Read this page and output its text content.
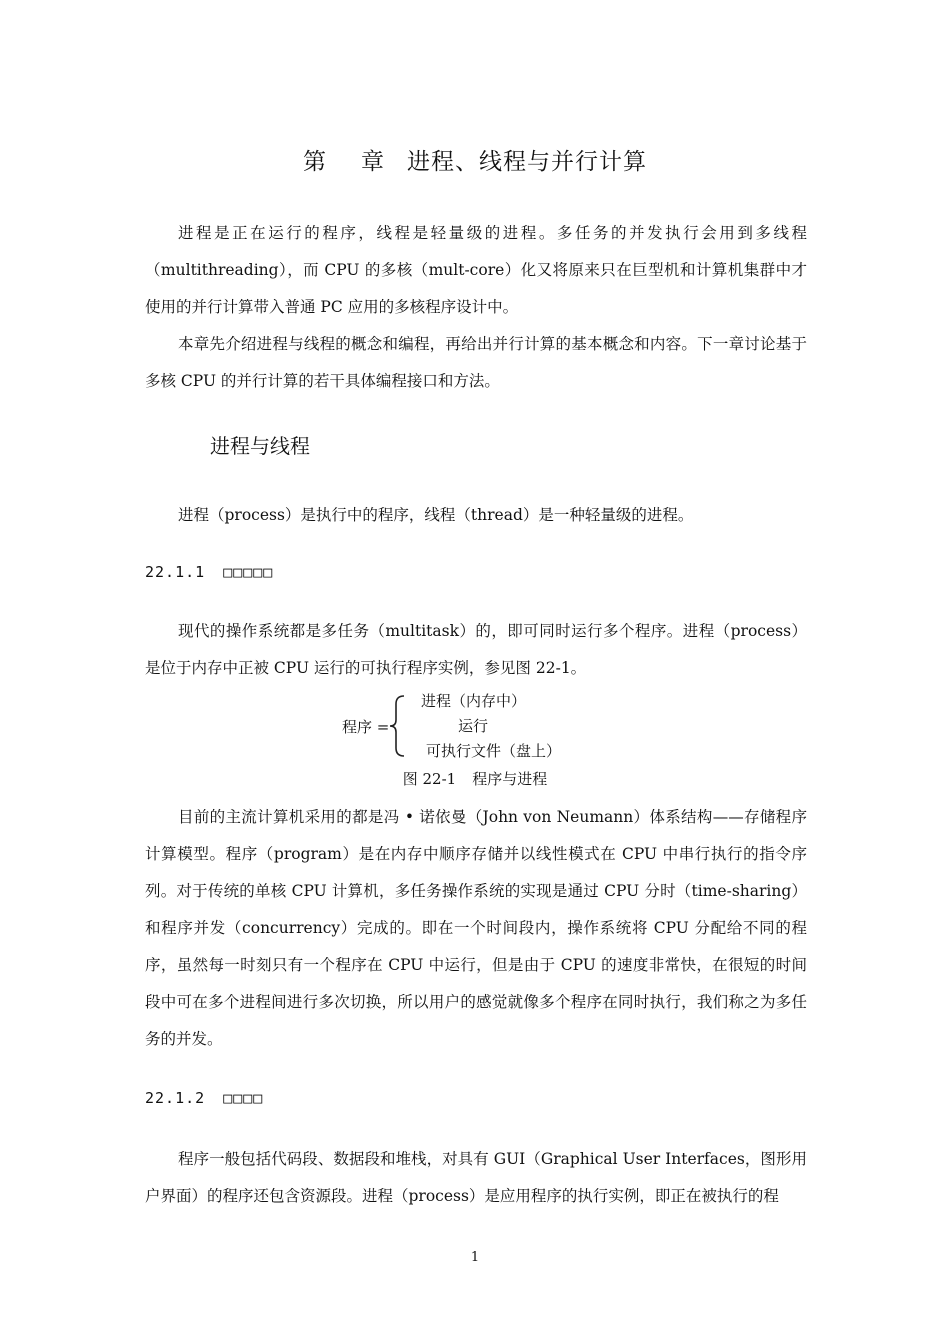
第 章 进程、线程与并行计算

进程是正在运行的程序，线程是轻量级的进程。多任务的并发执行会用到多线程（multithreading），而 CPU 的多核（mult-core）化又将原来只在巨型机和计算机集群中才使用的并行计算带入普通 PC 应用的多核程序设计中。

本章先介绍进程与线程的概念和编程，再给出并行计算的基本概念和内容。下一章讨论基于多核 CPU 的并行计算的若干具体编程接口和方法。

进程与线程

进程（process）是执行中的程序，线程（thread）是一种轻量级的进程。

22.1.1 □□□□□

现代的操作系统都是多任务（multitask）的，即可同时运行多个程序。进程（process）是位于内存中正被 CPU 运行的可执行程序实例，参见图 22-1。

程序 =
进程（内存中）
运行
可执行文件（盘上）
图 22-1 程序与进程

目前的主流计算机采用的都是冯 • 诺依曼（John von Neumann）体系结构——存储程序计算模型。程序（program）是在内存中顺序存储并以线性模式在 CPU 中串行执行的指令序列。对于传统的单核 CPU 计算机，多任务操作系统的实现是通过 CPU 分时（time-sharing）和程序并发（concurrency）完成的。即在一个时间段内，操作系统将 CPU 分配给不同的程序，虽然每一时刻只有一个程序在 CPU 中运行，但是由于 CPU 的速度非常快，在很短的时间段中可在多个进程间进行多次切换，所以用户的感觉就像多个程序在同时执行，我们称之为多任务的并发。

22.1.2 □□□□

程序一般包括代码段、数据段和堆栈，对具有 GUI（Graphical User Interfaces，图形用户界面）的程序还包含资源段。进程（process）是应用程序的执行实例，即正在被执行的程

1
